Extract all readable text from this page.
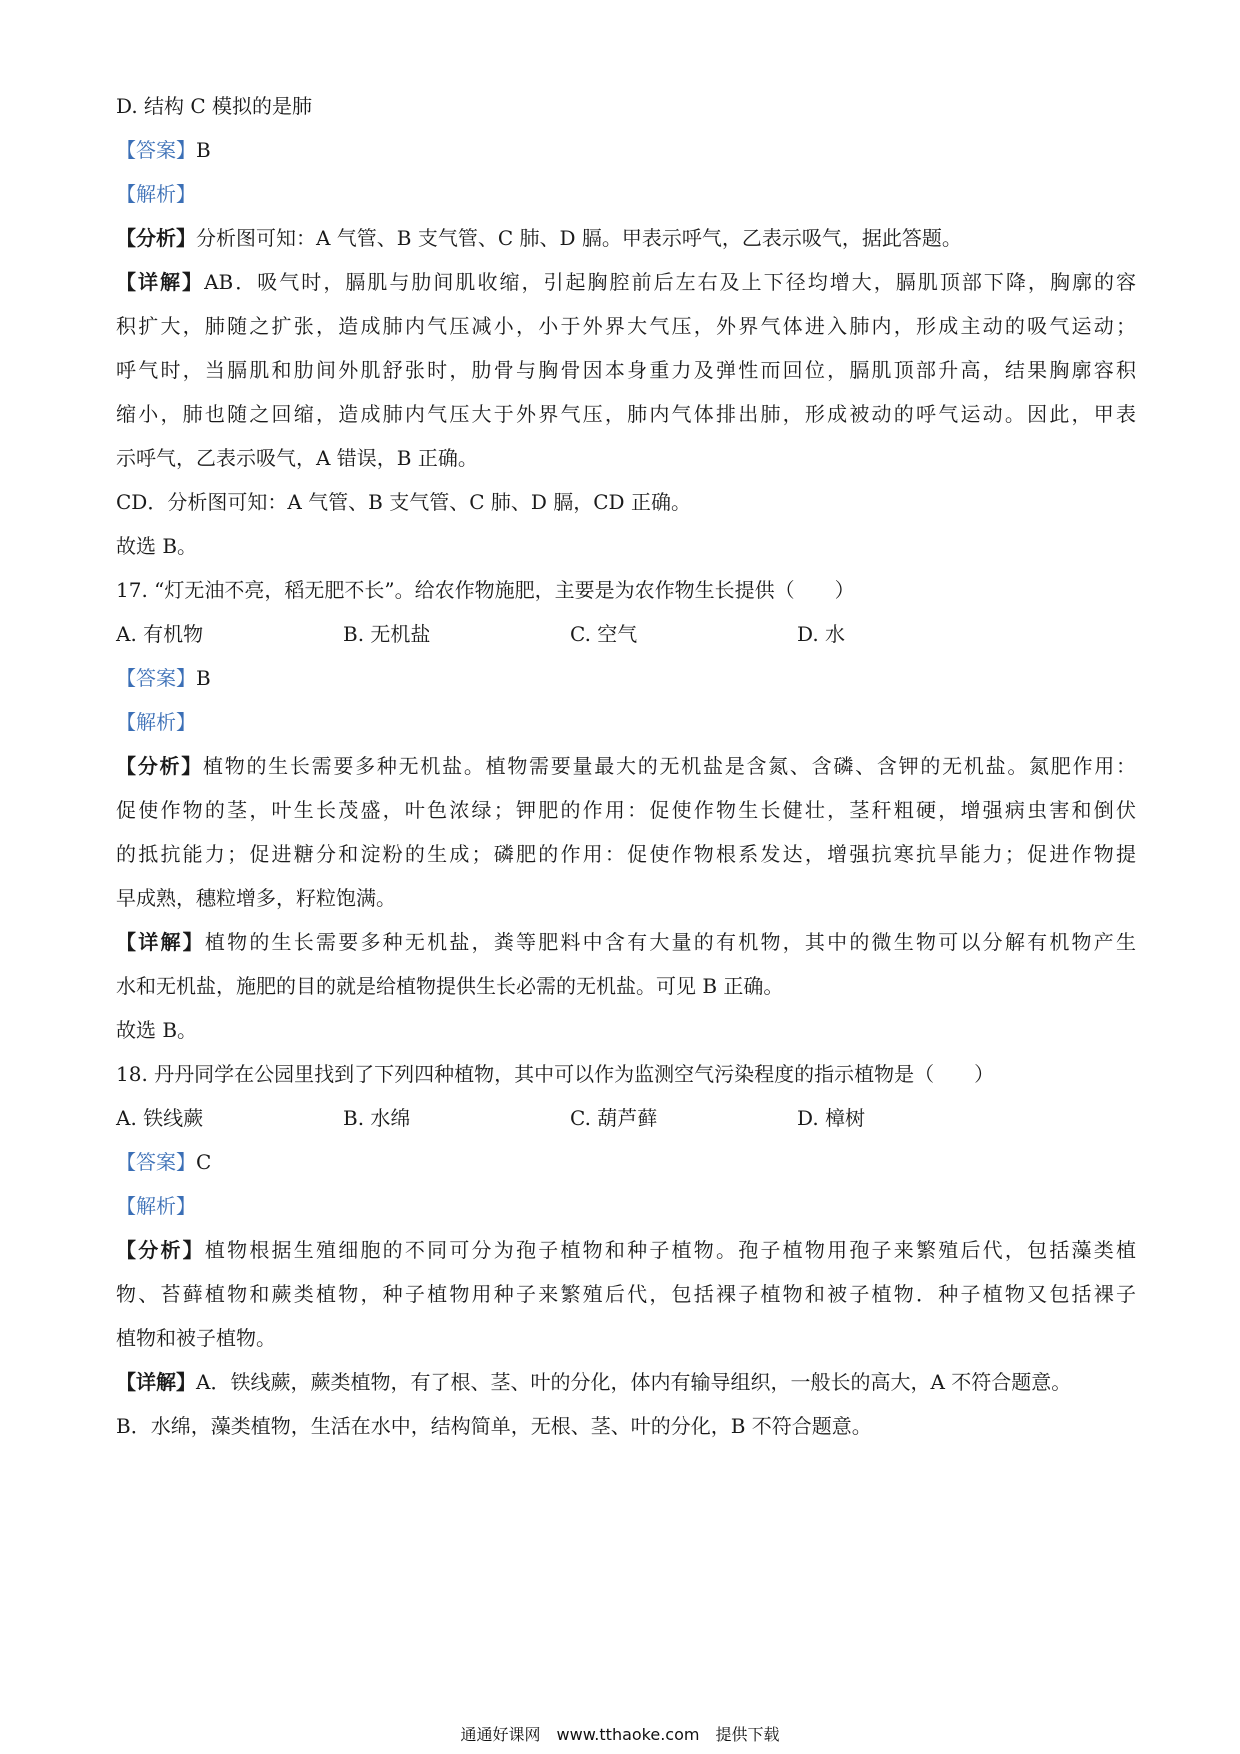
D. 结构 C 模拟的是肺
【答案】B
【解析】
【分析】分析图可知：A 气管、B 支气管、C 肺、D 膈。甲表示呼气，乙表示吸气，据此答题。
【详解】AB．吸气时，膈肌与肋间肌收缩，引起胸腔前后左右及上下径均增大，膈肌顶部下降，胸廓的容
积扩大，肺随之扩张，造成肺内气压减小，小于外界大气压，外界气体进入肺内，形成主动的吸气运动；
呼气时，当膈肌和肋间外肌舒张时，肋骨与胸骨因本身重力及弹性而回位，膈肌顶部升高，结果胸廓容积
缩小，肺也随之回缩，造成肺内气压大于外界气压，肺内气体排出肺，形成被动的呼气运动。因此，甲表
示呼气，乙表示吸气，A 错误，B 正确。
CD．分析图可知：A 气管、B 支气管、C 肺、D 膈，CD 正确。
故选 B。
17. “灯无油不亮，稻无肥不长”。给农作物施肥，主要是为农作物生长提供（　　）
A. 有机物	B. 无机盐	C. 空气	D. 水
【答案】B
【解析】
【分析】植物的生长需要多种无机盐。植物需要量最大的无机盐是含氮、含磷、含钾的无机盐。氮肥作用：
促使作物的茎，叶生长茂盛，叶色浓绿；钾肥的作用：促使作物生长健壮，茎秆粗硬，增强病虫害和倒伏
的抵抗能力；促进糖分和淀粉的生成；磷肥的作用：促使作物根系发达，增强抗寒抗旱能力；促进作物提
早成熟，穗粒增多，籽粒饱满。
【详解】植物的生长需要多种无机盐，粪等肥料中含有大量的有机物，其中的微生物可以分解有机物产生
水和无机盐，施肥的目的就是给植物提供生长必需的无机盐。可见 B 正确。
故选 B。
18. 丹丹同学在公园里找到了下列四种植物，其中可以作为监测空气污染程度的指示植物是（　　）
A. 铁线蕨	B. 水绵	C. 葫芦藓	D. 樟树
【答案】C
【解析】
【分析】植物根据生殖细胞的不同可分为孢子植物和种子植物。孢子植物用孢子来繁殖后代，包括藻类植
物、苔藓植物和蕨类植物，种子植物用种子来繁殖后代，包括裸子植物和被子植物．种子植物又包括裸子
植物和被子植物。
【详解】A．铁线蕨，蕨类植物，有了根、茎、叶的分化，体内有输导组织，一般长的高大，A 不符合题意。
B．水绵，藻类植物，生活在水中，结构简单，无根、茎、叶的分化，B 不符合题意。
通通好课网　www.tthaoke.com　提供下载
